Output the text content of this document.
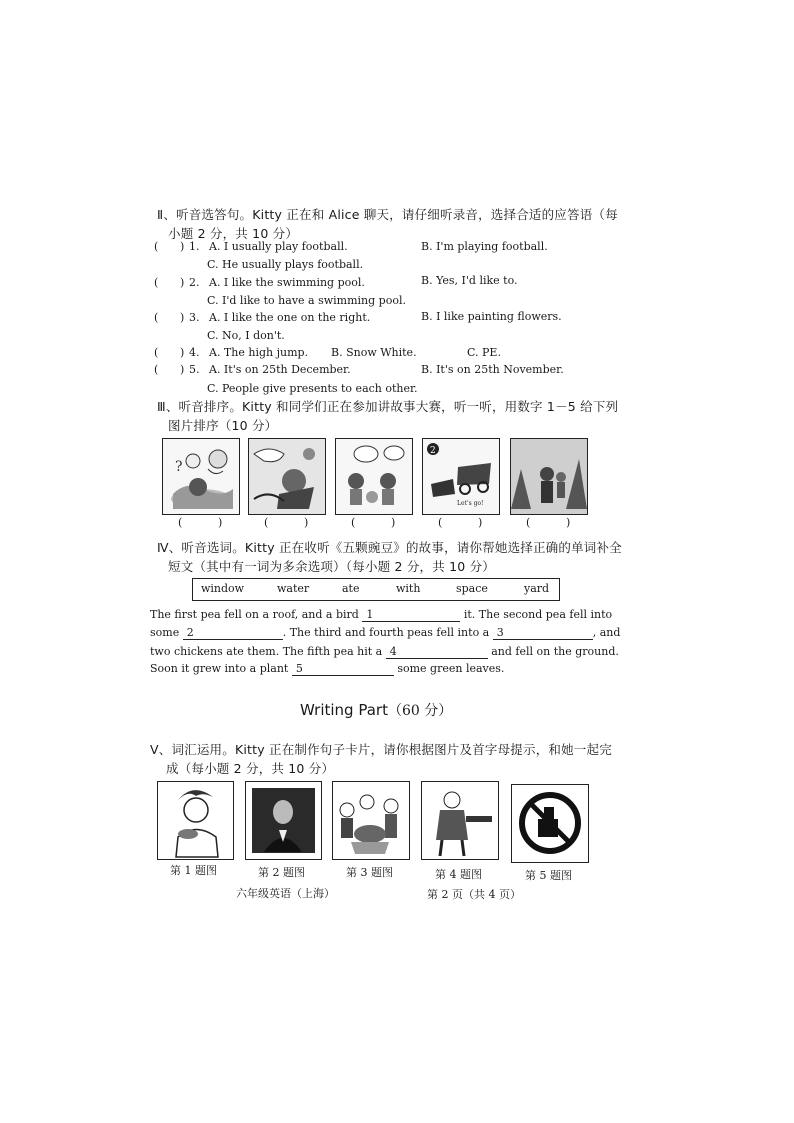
Ⅱ、听音选答句。Kitty 正在和 Alice 聊天，请仔细听录音，选择合适的应答语（每
小题 2 分，共 10 分）
( ) 1. A. I usually play football.	B. I'm playing football.
C. He usually plays football.
( ) 2. A. I like the swimming pool.	B. Yes, I'd like to.
C. I'd like to have a swimming pool.
( ) 3. A. I like the one on the right.	B. I like painting flowers.
C. No, I don't.
( ) 4. A. The high jump. B. Snow White.	C. PE.
( ) 5. A. It's on 25th December.	B. It's on 25th November.
C. People give presents to each other.
Ⅲ、听音排序。Kitty 和同学们正在参加讲故事大赛，听一听，用数字 1－5 给下列
图片排序（10 分）
?
2
Let's go!
(	)	(	)	(	)	(	)	(	)
Ⅳ、听音选词。Kitty 正在收听《五颗豌豆》的故事，请你帮她选择正确的单词补全
短文（其中有一词为多余选项）（每小题 2 分，共 10 分）
window	water	ate	with	space	yard
The first pea fell on a roof, and a bird 1	it. The second pea fell into
some 2	. The third and fourth peas fell into a 3	, and
two chickens ate them. The fifth pea hit a 4	and fell on the ground.
Soon it grew into a plant 5	some green leaves.
Writing Part（60 分）
Ⅴ、词汇运用。Kitty 正在制作句子卡片，请你根据图片及首字母提示，和她一起完
成（每小题 2 分，共 10 分）
第 1 题图	第 2 题图	第 3 题图	第 4 题图	第 5 题图
六年级英语（上海）	第 2 页（共 4 页）
